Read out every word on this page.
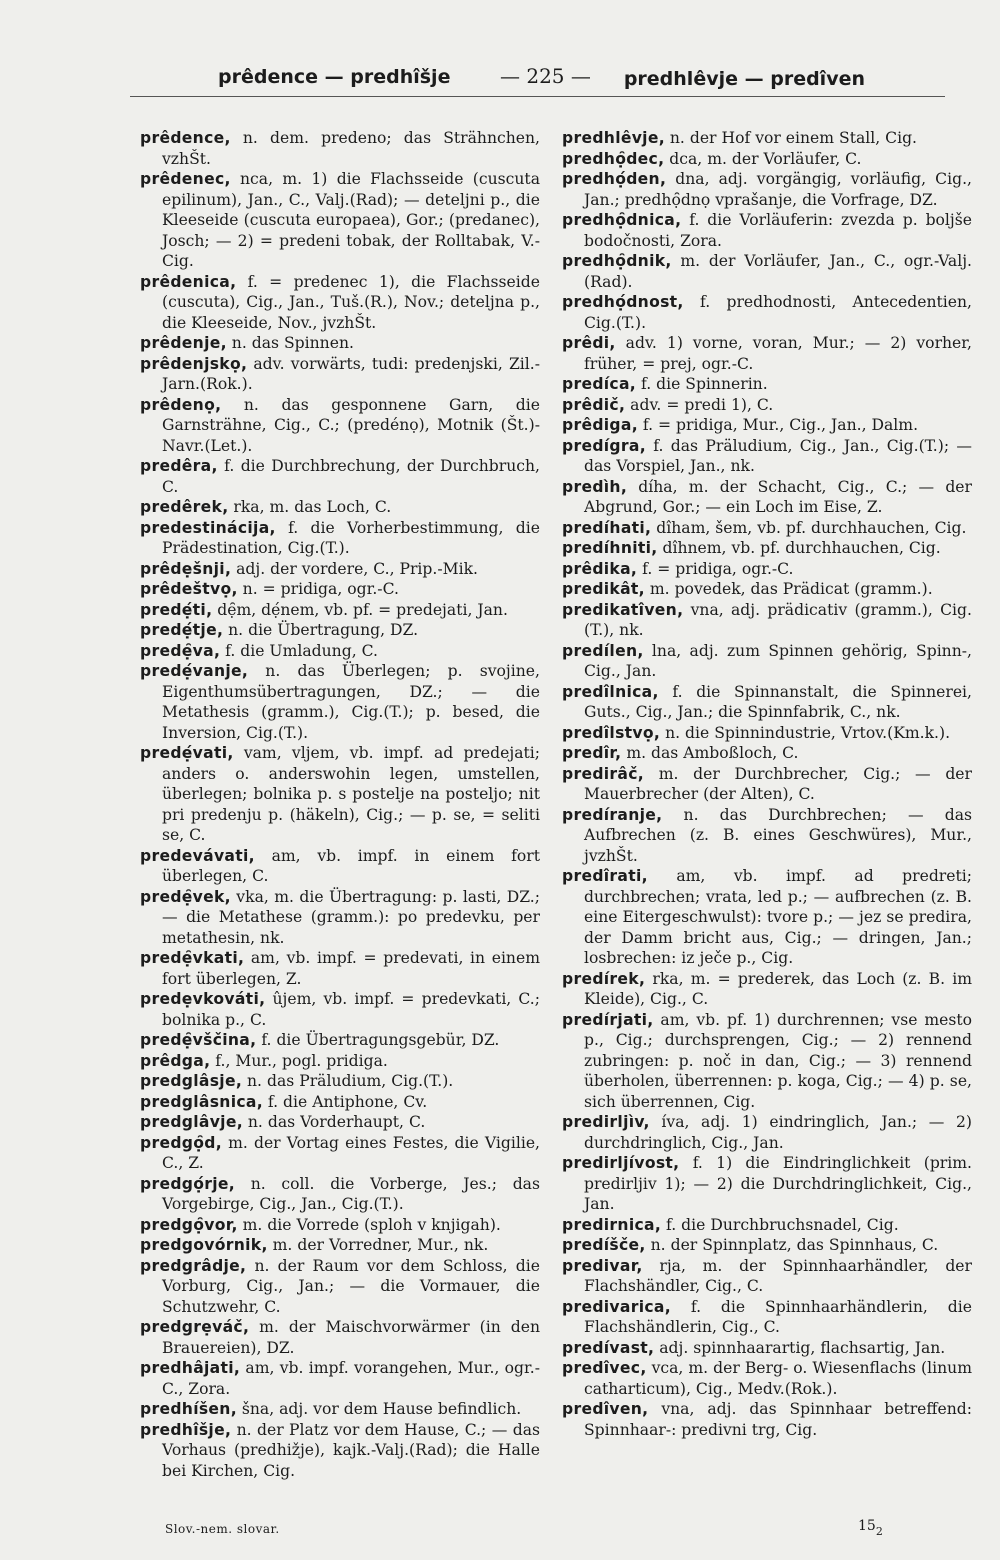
prêdence — predhîšje — 225 — predhlêvje — predîven
prêdence, n. dem. predeno; das Strähnchen, vzhŠt.
prêdenec, nca, m. 1) die Flachsseide (cuscuta epilinum), Jan., C., Valj.(Rad); — deteljni p., die Kleeseide (cuscuta europaea), Gor.; (predanec), Josch; — 2) = predeni tobak, der Rolltabak, V.-Cig.
prêdenica, f. = predenec 1), die Flachsseide (cuscuta), Cig., Jan., Tuš.(R.), Nov.; deteljna p., die Kleeseide, Nov., jvzhŠt.
prêdenje, n. das Spinnen.
prêdenjskọ, adv. vorwärts, tudi: predenjski, Zil.-Jarn.(Rok.).
prêdenọ, n. das gesponnene Garn, die Garnsträhne, Cig., C.; (predénọ), Motnik (Št.)-Navr.(Let.).
predêra, f. die Durchbrechung, der Durchbruch, C.
predêrek, rka, m. das Loch, C.
predestinácija, f. die Vorherbestimmung, die Prädestination, Cig.(T.).
prêdẹšnji, adj. der vordere, C., Prip.-Mik.
prêdeštvọ, n. = pridiga, ogr.-C.
predẹ́ti, dẹ̑m, dẹ́nem, vb. pf. = predejati, Jan.
predẹ́tje, n. die Übertragung, DZ.
predẹ̑va, f. die Umladung, C.
predẹ́vanje, n. das Überlegen; p. svojine, Eigenthumsübertragungen, DZ.; — die Metathesis (gramm.), Cig.(T.); p. besed, die Inversion, Cig.(T.).
predẹ́vati, vam, vljem, vb. impf. ad predejati; anders o. anderswohin legen, umstellen, überlegen; bolnika p. s postelje na posteljo; nit pri predenju p. (häkeln), Cig.; — p. se, = seliti se, C.
predevávati, am, vb. impf. in einem fort überlegen, C.
predẹ̑vek, vka, m. die Übertragung: p. lasti, DZ.; — die Metathese (gramm.): po predevku, per metathesin, nk.
predẹ̑vkati, am, vb. impf. = predevati, in einem fort überlegen, Z.
predẹvkováti, ûjem, vb. impf. = predevkati, C.; bolnika p., C.
predẹ̑vščina, f. die Übertragungsgebür, DZ.
prêdga, f., Mur., pogl. pridiga.
predglâsje, n. das Präludium, Cig.(T.).
predglâsnica, f. die Antiphone, Cv.
predglâvje, n. das Vorderhaupt, C.
predgọ̑d, m. der Vortag eines Festes, die Vigilie, C., Z.
predgọ́rje, n. coll. die Vorberge, Jes.; das Vorgebirge, Cig., Jan., Cig.(T.).
predgọ̑vor, m. die Vorrede (sploh v knjigah).
predgovórnik, m. der Vorredner, Mur., nk.
predgrâdje, n. der Raum vor dem Schloss, die Vorburg, Cig., Jan.; — die Vormauer, die Schutzwehr, C.
predgrẹváč, m. der Maischvorwärmer (in den Brauereien), DZ.
predhâjati, am, vb. impf. vorangehen, Mur., ogr.-C., Zora.
predhíšen, šna, adj. vor dem Hause befindlich.
predhîšje, n. der Platz vor dem Hause, C.; — das Vorhaus (predhižje), kajk.-Valj.(Rad); die Halle bei Kirchen, Cig.
predhlêvje, n. der Hof vor einem Stall, Cig.
predhọ̑dec, dca, m. der Vorläufer, C.
predhọ́den, dna, adj. vorgängig, vorläufig, Cig., Jan.; predhọ̑dnọ vprašanje, die Vorfrage, DZ.
predhọ̑dnica, f. die Vorläuferin: zvezda p. boljše bodočnosti, Zora.
predhọ̑dnik, m. der Vorläufer, Jan., C., ogr.-Valj.(Rad).
predhọ́dnost, f. predhodnosti, Antecedentien, Cig.(T.).
prêdi, adv. 1) vorne, voran, Mur.; — 2) vorher, früher, = prej, ogr.-C.
predíca, f. die Spinnerin.
prêdič, adv. = predi 1), C.
prêdiga, f. = pridiga, Mur., Cig., Jan., Dalm.
predígra, f. das Präludium, Cig., Jan., Cig.(T.); — das Vorspiel, Jan., nk.
predìh, díha, m. der Schacht, Cig., C.; — der Abgrund, Gor.; — ein Loch im Eise, Z.
predíhati, dîham, šem, vb. pf. durchhauchen, Cig.
predíhniti, dîhnem, vb. pf. durchhauchen, Cig.
prêdika, f. = pridiga, ogr.-C.
predikât, m. povedek, das Prädicat (gramm.).
predikatîven, vna, adj. prädicativ (gramm.), Cig.(T.), nk.
predílen, lna, adj. zum Spinnen gehörig, Spinn-, Cig., Jan.
predîlnica, f. die Spinnanstalt, die Spinnerei, Guts., Cig., Jan.; die Spinnfabrik, C., nk.
predîlstvọ, n. die Spinnindustrie, Vrtov.(Km.k.).
predîr, m. das Amboßloch, C.
predirâč, m. der Durchbrecher, Cig.; — der Mauerbrecher (der Alten), C.
predíranje, n. das Durchbrechen; — das Aufbrechen (z. B. eines Geschwüres), Mur., jvzhŠt.
predîrati, am, vb. impf. ad predreti; durchbrechen; vrata, led p.; — aufbrechen (z. B. eine Eitergeschwulst): tvore p.; — jez se predira, der Damm bricht aus, Cig.; — dringen, Jan.; losbrechen: iz ječe p., Cig.
predírek, rka, m. = prederek, das Loch (z. B. im Kleide), Cig., C.
predírjati, am, vb. pf. 1) durchrennen; vse mesto p., Cig.; durchsprengen, Cig.; — 2) rennend zubringen: p. noč in dan, Cig.; — 3) rennend überholen, überrennen: p. koga, Cig.; — 4) p. se, sich überrennen, Cig.
predirljìv, íva, adj. 1) eindringlich, Jan.; — 2) durchdringlich, Cig., Jan.
predirljívost, f. 1) die Eindringlichkeit (prim. predirljiv 1); — 2) die Durchdringlichkeit, Cig., Jan.
predirnica, f. die Durchbruchsnadel, Cig.
predíšče, n. der Spinnplatz, das Spinnhaus, C.
predivar, rja, m. der Spinnhaarhändler, der Flachshändler, Cig., C.
predivarica, f. die Spinnhaarhändlerin, die Flachshändlerin, Cig., C.
predívast, adj. spinnhaarartig, flachsartig, Jan.
predîvec, vca, m. der Berg- o. Wiesenflachs (linum catharticum), Cig., Medv.(Rok.).
predîven, vna, adj. das Spinnhaar betreffend: Spinnhaar-: predivni trg, Cig.
Slov.-nem. slovar.	$15_2$
